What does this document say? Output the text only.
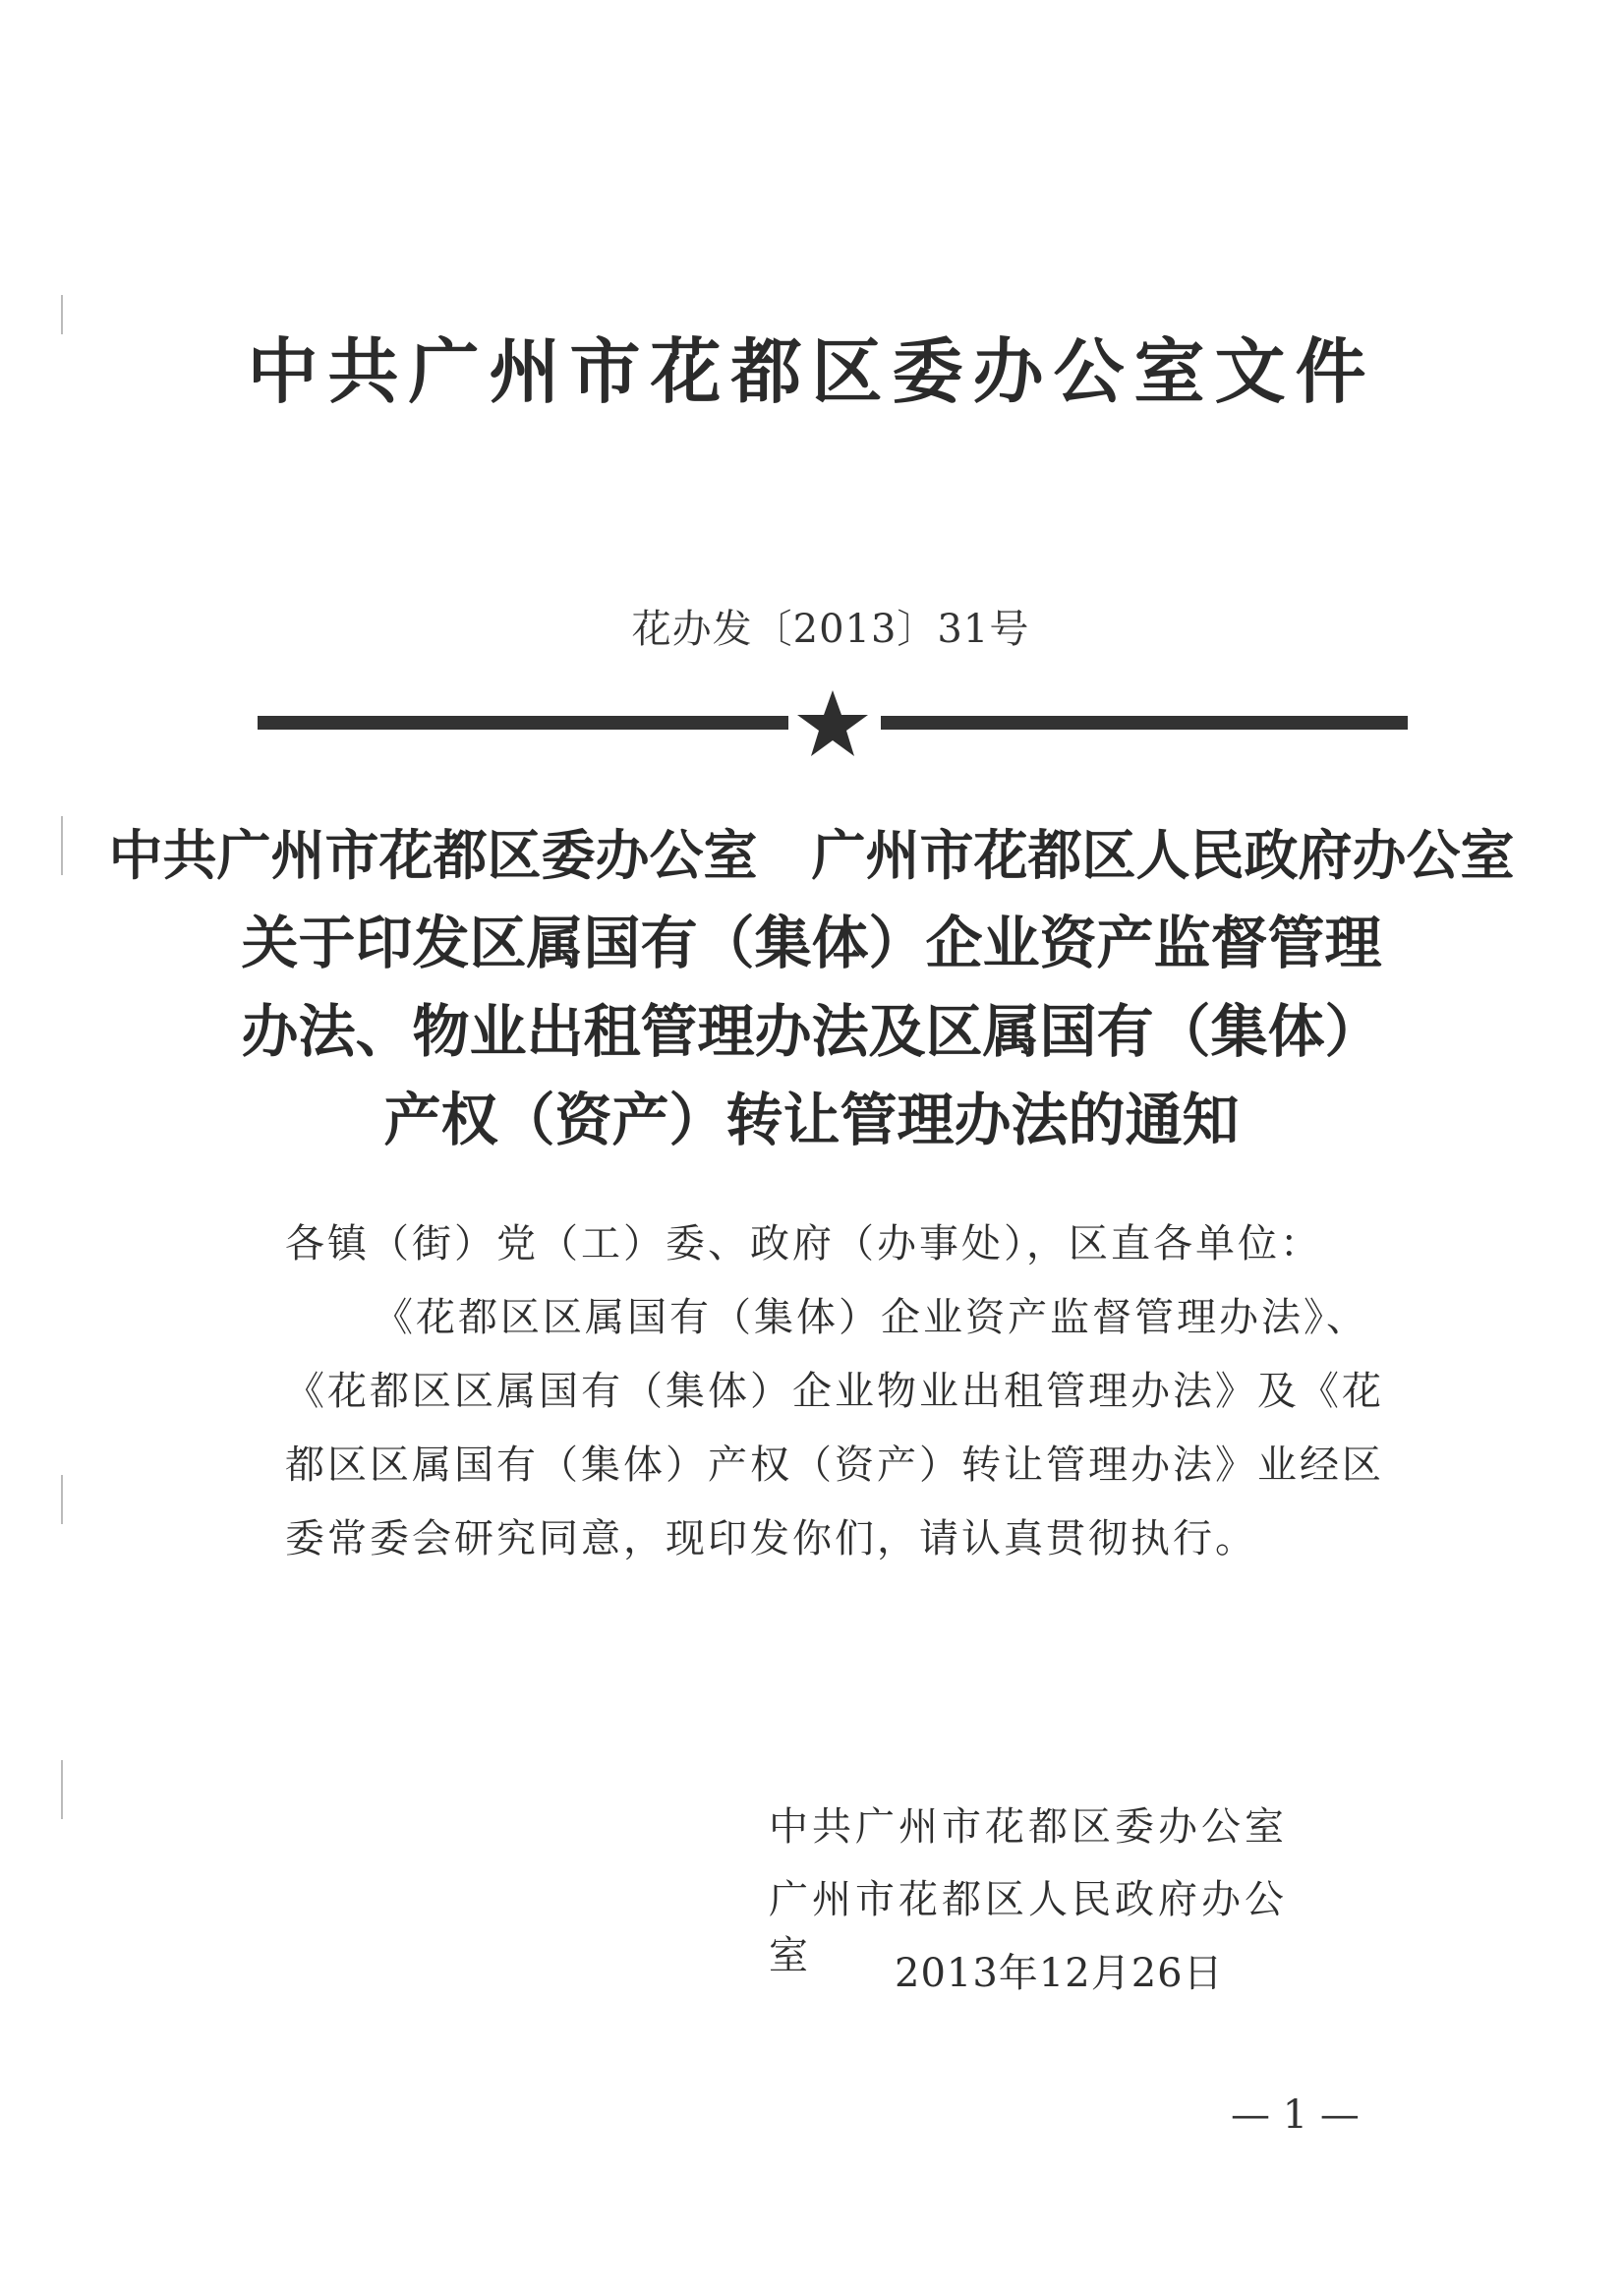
中共广州市花都区委办公室文件
花办发〔2013〕31号
中共广州市花都区委办公室　广州市花都区人民政府办公室
关于印发区属国有（集体）企业资产监督管理
办法、物业出租管理办法及区属国有（集体）
产权（资产）转让管理办法的通知
各镇（街）党（工）委、政府（办事处），区直各单位：
《花都区区属国有（集体）企业资产监督管理办法》、
《花都区区属国有（集体）企业物业出租管理办法》及《花
都区区属国有（集体）产权（资产）转让管理办法》业经区
委常委会研究同意，现印发你们，请认真贯彻执行。
中共广州市花都区委办公室
广州市花都区人民政府办公室	2013年12月26日
— 1 —
